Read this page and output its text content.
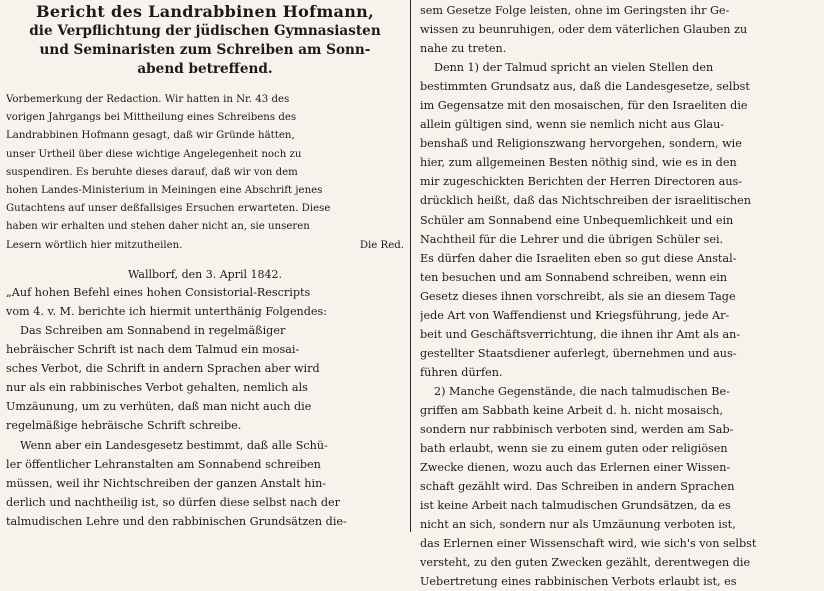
Bericht des Landrabbinen Hofmann,
die Verpflichtung der jüdischen Gymnasiasten
und Seminaristen zum Schreiben am Sonn-
abend betreffend.
Vorbemerkung der Redaction. Wir hatten in Nr. 43 des
vorigen Jahrgangs bei Mittheilung eines Schreibens des
Landrabbinen Hofmann gesagt, daß wir Gründe hätten,
unser Urtheil über diese wichtige Angelegenheit noch zu
suspendiren. Es beruhte dieses darauf, daß wir von dem
hohen Landes-Ministerium in Meiningen eine Abschrift jenes
Gutachtens auf unser deßfallsiges Ersuchen erwarteten. Diese
haben wir erhalten und stehen daher nicht an, sie unseren
Lesern wörtlich hier mitzutheilen.	Die Red.
Wallborf, den 3. April 1842.
„Auf hohen Befehl eines hohen Consistorial-Rescripts
vom 4. v. M. berichte ich hiermit unterthänig Folgendes:
Das Schreiben am Sonnabend in regelmäßiger
hebräischer Schrift ist nach dem Talmud ein mosai-
sches Verbot, die Schrift in andern Sprachen aber wird
nur als ein rabbinisches Verbot gehalten, nemlich als
Umzäunung, um zu verhüten, daß man nicht auch die
regelmäßige hebräische Schrift schreibe.
Wenn aber ein Landesgesetz bestimmt, daß alle Schü-
ler öffentlicher Lehranstalten am Sonnabend schreiben
müssen, weil ihr Nichtschreiben der ganzen Anstalt hin-
derlich und nachtheilig ist, so dürfen diese selbst nach der
talmudischen Lehre und den rabbinischen Grundsätzen die-
sem Gesetze Folge leisten, ohne im Geringsten ihr Ge-
wissen zu beunruhigen, oder dem väterlichen Glauben zu
nahe zu treten.
Denn 1) der Talmud spricht an vielen Stellen den
bestimmten Grundsatz aus, daß die Landesgesetze, selbst
im Gegensatze mit den mosaischen, für den Israeliten die
allein gültigen sind, wenn sie nemlich nicht aus Glau-
benshaß und Religionszwang hervorgehen, sondern, wie
hier, zum allgemeinen Besten nöthig sind, wie es in den
mir zugeschickten Berichten der Herren Directoren aus-
drücklich heißt, daß das Nichtschreiben der israelitischen
Schüler am Sonnabend eine Unbequemlichkeit und ein
Nachtheil für die Lehrer und die übrigen Schüler sei.
Es dürfen daher die Israeliten eben so gut diese Anstal-
ten besuchen und am Sonnabend schreiben, wenn ein
Gesetz dieses ihnen vorschreibt, als sie an diesem Tage
jede Art von Waffendienst und Kriegsführung, jede Ar-
beit und Geschäftsverrichtung, die ihnen ihr Amt als an-
gestellter Staatsdiener auferlegt, übernehmen und aus-
führen dürfen.
2) Manche Gegenstände, die nach talmudischen Be-
griffen am Sabbath keine Arbeit d. h. nicht mosaisch,
sondern nur rabbinisch verboten sind, werden am Sab-
bath erlaubt, wenn sie zu einem guten oder religiösen
Zwecke dienen, wozu auch das Erlernen einer Wissen-
schaft gezählt wird. Das Schreiben in andern Sprachen
ist keine Arbeit nach talmudischen Grundsätzen, da es
nicht an sich, sondern nur als Umzäunung verboten ist,
das Erlernen einer Wissenschaft wird, wie sich's von selbst
versteht, zu den guten Zwecken gezählt, derentwegen die
Uebertretung eines rabbinischen Verbots erlaubt ist, es
